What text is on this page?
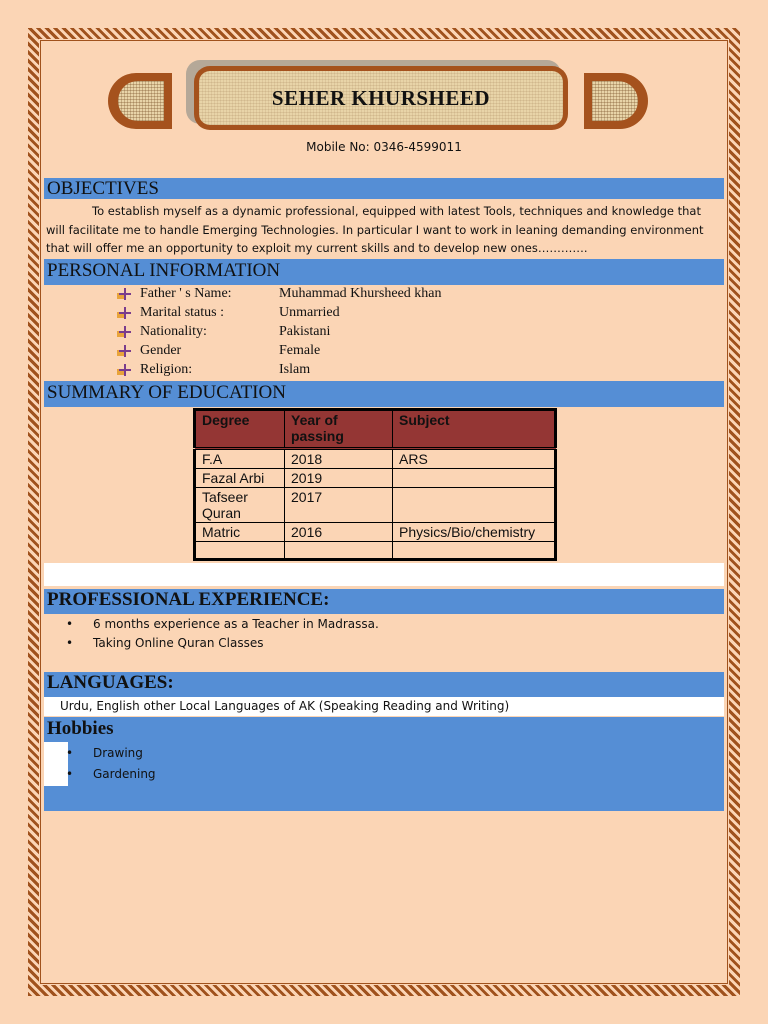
SEHER KHURSHEED
Mobile No: 0346-4599011
OBJECTIVES

To establish myself as a dynamic professional, equipped with latest Tools, techniques and knowledge that

will facilitate me to handle Emerging Technologies. In particular I want to work in leaning demanding environment

that will offer me an opportunity to exploit my current skills and to develop new ones………….

PERSONAL INFORMATION
Father ' s Name:	Muhammad Khursheed khan
Marital status :	Unmarried
Nationality:	Pakistani
Gender	Female
Religion:	Islam
SUMMARY OF EDUCATION
Degree	Year of passing	Subject
F.A	2018	ARS
Fazal Arbi	2019	
Tafseer Quran	2017	
Matric	2016	Physics/Bio/chemistry

PROFESSIONAL EXPERIENCE:
• 6 months experience as a Teacher in Madrassa.
• Taking Online Quran Classes
LANGUAGES:
Urdu, English other Local Languages of AK (Speaking Reading and Writing)
Hobbies
• Drawing
• Gardening
